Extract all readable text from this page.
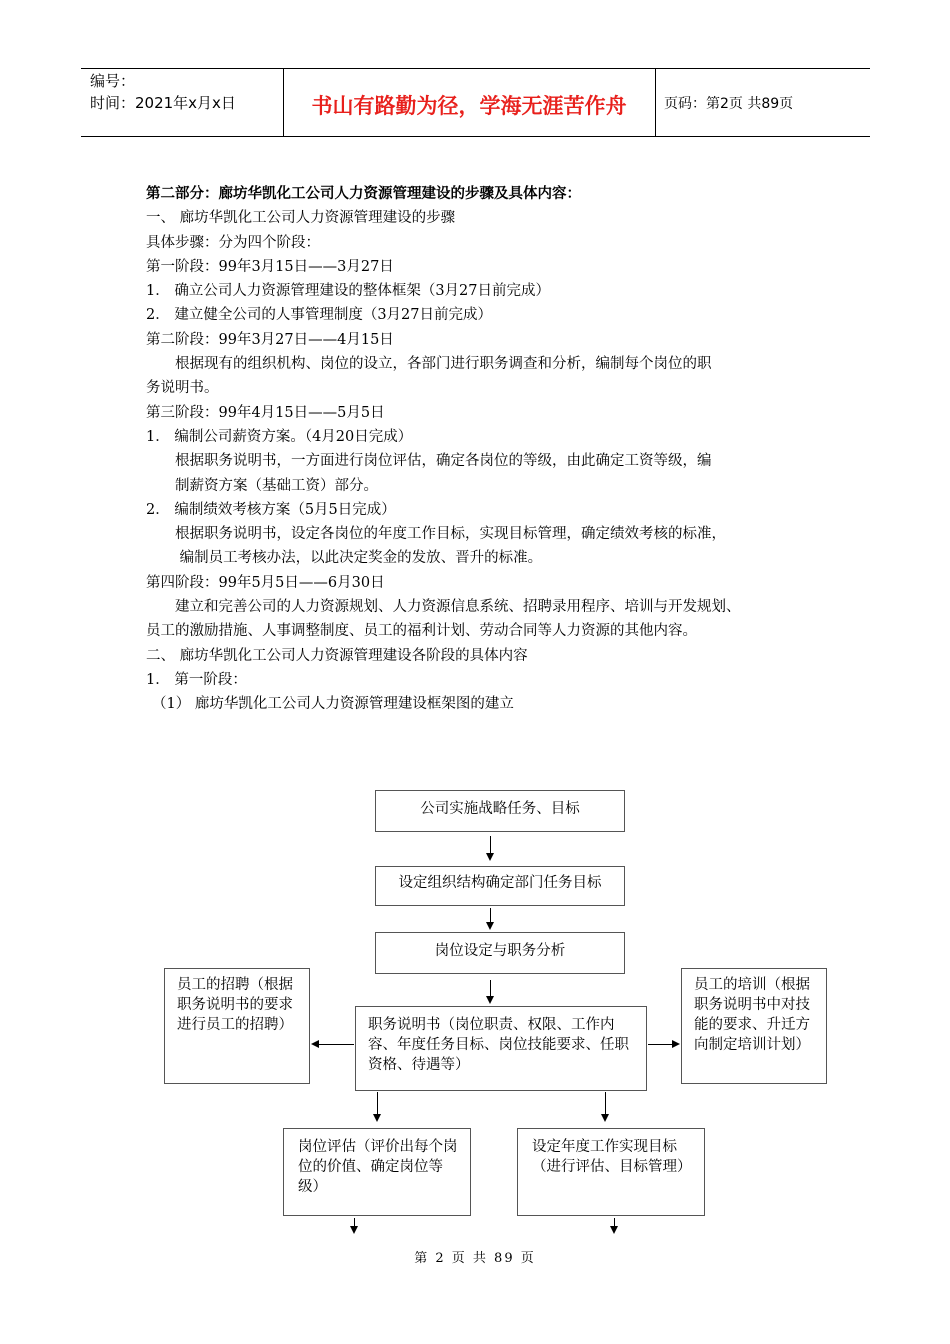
编号：
时间：2021年x月x日	书山有路勤为径，学海无涯苦作舟	页码：第2页 共89页

第二部分：廊坊华凯化工公司人力资源管理建设的步骤及具体内容：

一、 廊坊华凯化工公司人力资源管理建设的步骤

具体步骤：分为四个阶段：

第一阶段：99年3月15日——3月27日

1． 确立公司人力资源管理建设的整体框架（3月27日前完成）

2． 建立健全公司的人事管理制度（3月27日前完成）

第二阶段：99年3月27日——4月15日

　　根据现有的组织机构、岗位的设立，各部门进行职务调查和分析，编制每个岗位的职

务说明书。

第三阶段：99年4月15日——5月5日

1． 编制公司薪资方案。（4月20日完成）

　　根据职务说明书，一方面进行岗位评估，确定各岗位的等级，由此确定工资等级，编

　　制薪资方案（基础工资）部分。

2． 编制绩效考核方案（5月5日完成）

　　根据职务说明书，设定各岗位的年度工作目标，实现目标管理，确定绩效考核的标准，

　　 编制员工考核办法，以此决定奖金的发放、晋升的标准。

第四阶段：99年5月5日——6月30日

　　建立和完善公司的人力资源规划、人力资源信息系统、招聘录用程序、培训与开发规划、

员工的激励措施、人事调整制度、员工的福利计划、劳动合同等人力资源的其他内容。

二、 廊坊华凯化工公司人力资源管理建设各阶段的具体内容

1． 第一阶段：

（1） 廊坊华凯化工公司人力资源管理建设框架图的建立

公司实施战略任务、目标
设定组织结构确定部门任务目标
岗位设定与职务分析
职务说明书（岗位职责、权限、工作内容、年度任务目标、岗位技能要求、任职资格、待遇等）
员工的招聘（根据职务说明书的要求进行员工的招聘）
员工的培训（根据职务说明书中对技能的要求、升迁方向制定培训计划）
岗位评估（评价出每个岗位的价值、确定岗位等级）
设定年度工作实现目标（进行评估、目标管理）
第 2 页 共 89 页
